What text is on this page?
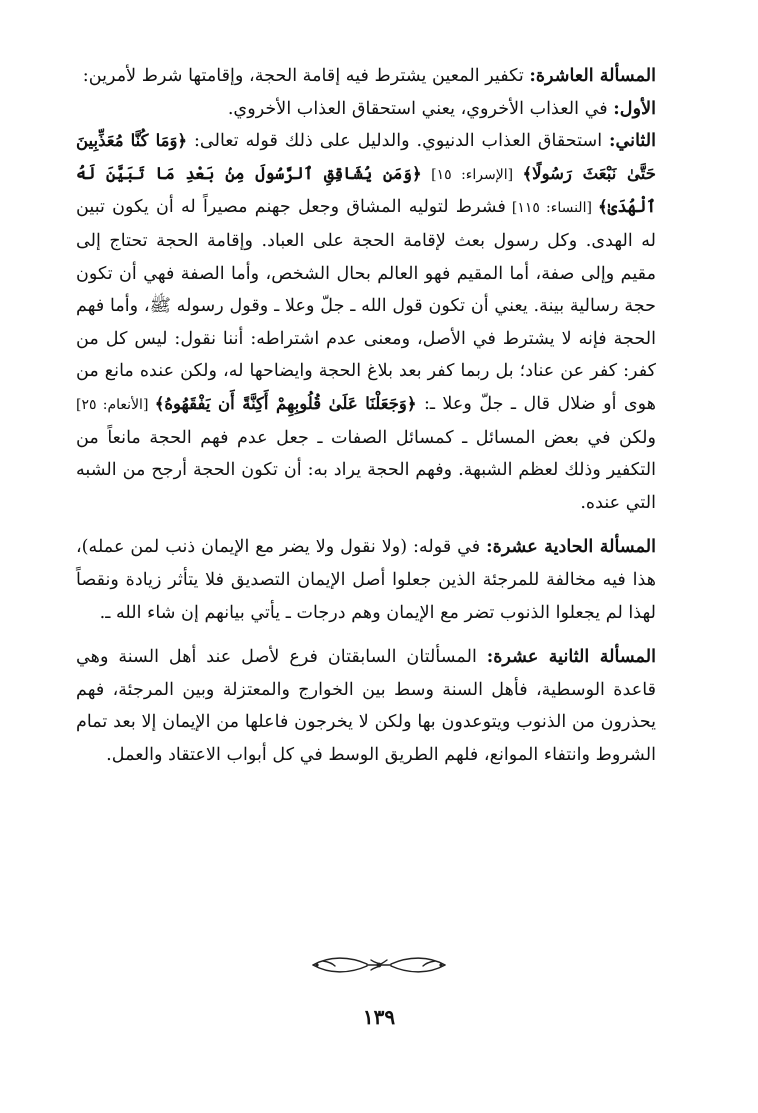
المسألة العاشرة: تكفير المعين يشترط فيه إقامة الحجة، وإقامتها شرط لأمرين:

الأول: في العذاب الأخروي، يعني استحقاق العذاب الأخروي.

الثاني: استحقاق العذاب الدنيوي. والدليل على ذلك قوله تعالى: ﴿وَمَا كُنَّا مُعَذِّبِينَ حَتَّىٰ نَبْعَثَ رَسُولًا﴾ [الإسراء: ١٥] ﴿وَمَن يُشَاقِقِ ٱلرَّسُولَ مِنۢ بَعْدِ مَا تَبَيَّنَ لَهُ ٱلْهُدَىٰ﴾ [النساء: ١١٥] فشرط لتوليه المشاق وجعل جهنم مصيراً له أن يكون تبين له الهدى. وكل رسول بعث لإقامة الحجة على العباد. وإقامة الحجة تحتاج إلى مقيم وإلى صفة، أما المقيم فهو العالم بحال الشخص، وأما الصفة فهي أن تكون حجة رسالية بينة. يعني أن تكون قول الله ـ جلّ وعلا ـ وقول رسوله ﷺ، وأما فهم الحجة فإنه لا يشترط في الأصل، ومعنى عدم اشتراطه: أننا نقول: ليس كل من كفر: كفر عن عناد؛ بل ربما كفر بعد بلاغ الحجة وايضاحها له، ولكن عنده مانع من هوى أو ضلال قال ـ جلّ وعلا ـ: ﴿وَجَعَلْنَا عَلَىٰ قُلُوبِهِمْ أَكِنَّةً أَن يَفْقَهُوهُ﴾ [الأنعام: ٢٥] ولكن في بعض المسائل ـ كمسائل الصفات ـ جعل عدم فهم الحجة مانعاً من التكفير وذلك لعظم الشبهة. وفهم الحجة يراد به: أن تكون الحجة أرجح من الشبه التي عنده.

المسألة الحادية عشرة: في قوله: (ولا نقول ولا يضر مع الإيمان ذنب لمن عمله)، هذا فيه مخالفة للمرجئة الذين جعلوا أصل الإيمان التصديق فلا يتأثر زيادة ونقصاً لهذا لم يجعلوا الذنوب تضر مع الإيمان وهم درجات ـ يأتي بيانهم إن شاء الله ـ.

المسألة الثانية عشرة: المسألتان السابقتان فرع لأصل عند أهل السنة وهي قاعدة الوسطية، فأهل السنة وسط بين الخوارج والمعتزلة وبين المرجئة، فهم يحذرون من الذنوب ويتوعدون بها ولكن لا يخرجون فاعلها من الإيمان إلا بعد تمام الشروط وانتفاء الموانع، فلهم الطريق الوسط في كل أبواب الاعتقاد والعمل.

١٣٩
